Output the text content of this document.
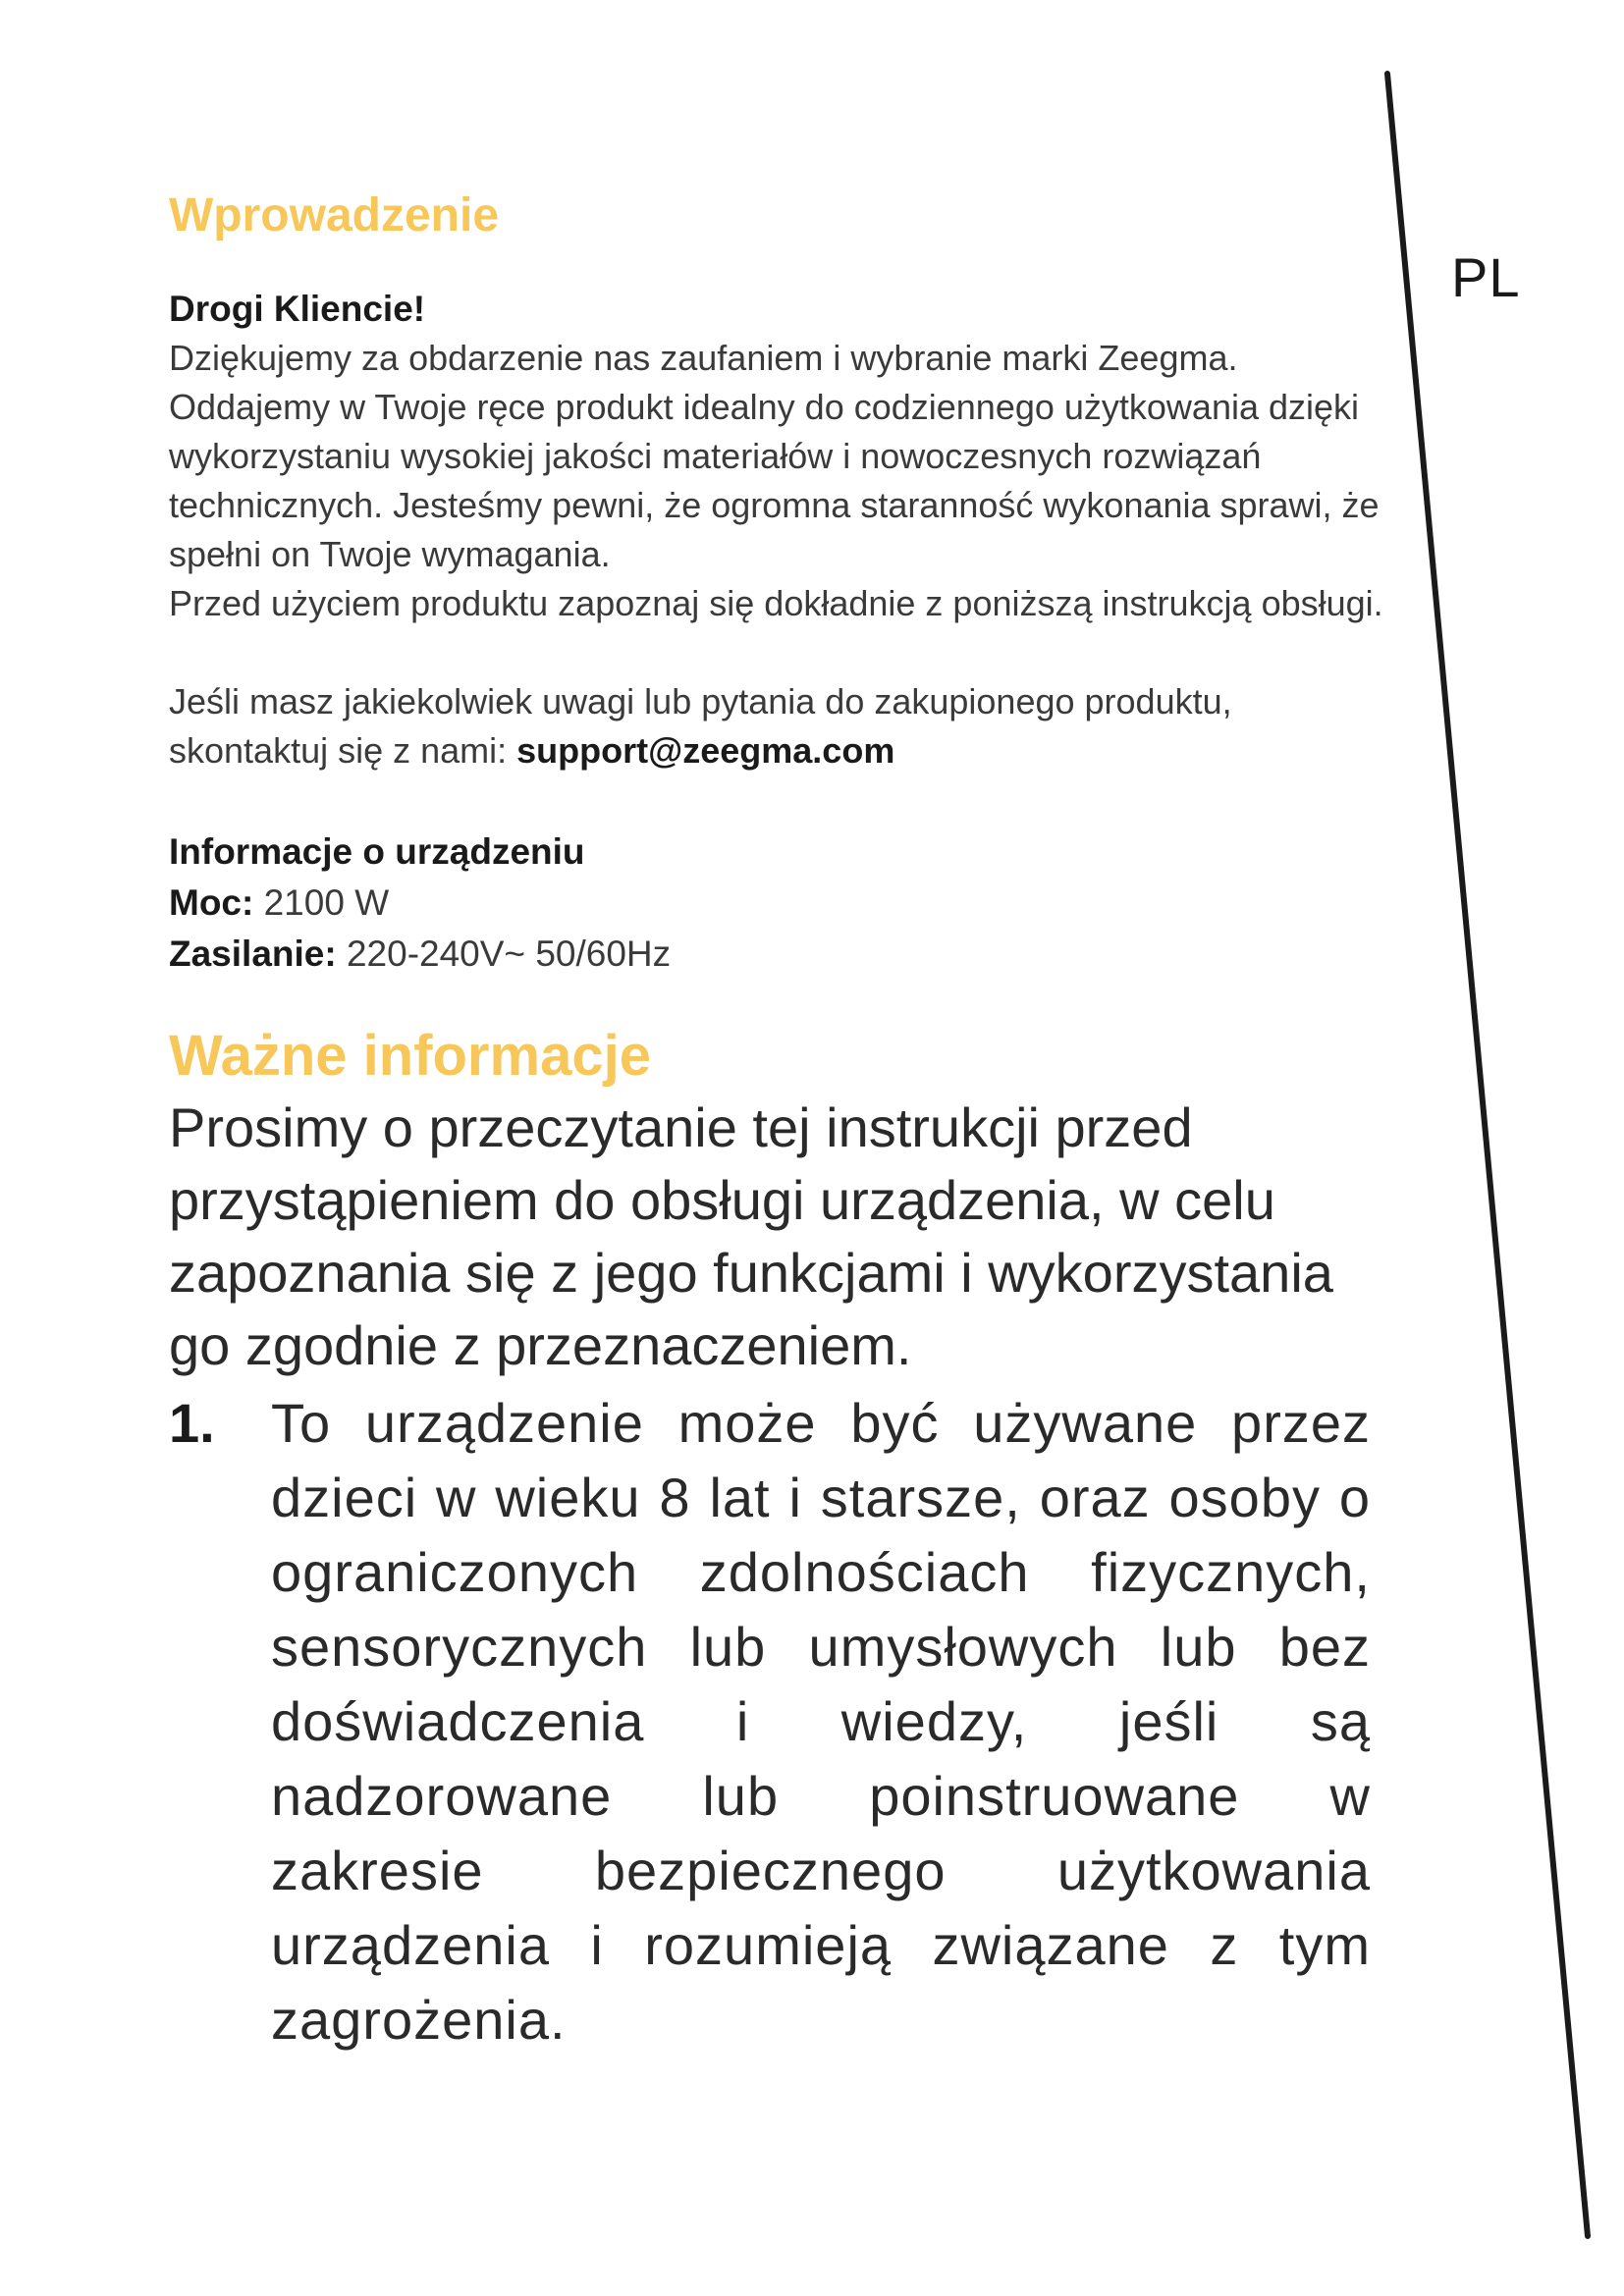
PL
Wprowadzenie

Drogi Kliencie!

Dziękujemy za obdarzenie nas zaufaniem i wybranie marki Zeegma. Oddajemy w Twoje ręce produkt idealny do codziennego użytkowania dzięki wykorzystaniu wysokiej jakości materiałów i nowoczesnych rozwiązań technicznych. Jesteśmy pewni, że ogromna staranność wykonania sprawi, że spełni on Twoje wymagania.

Przed użyciem produktu zapoznaj się dokładnie z poniższą instrukcją obsługi.

Jeśli masz jakiekolwiek uwagi lub pytania do zakupionego produktu, skontaktuj się z nami: support@zeegma.com

Informacje o urządzeniu

Moc: 2100 W

Zasilanie: 220-240V~ 50/60Hz

Ważne informacje

Prosimy o przeczytanie tej instrukcji przed przystąpieniem do obsługi urządzenia, w celu zapoznania się z jego funkcjami i wykorzystania go zgodnie z przeznaczeniem.

1.	To urządzenie może być używane przez dzieci w wieku 8 lat i starsze, oraz osoby o ograniczonych zdolnościach fizycznych, sensorycznych lub umysłowych lub bez doświadczenia i wiedzy, jeśli są nadzorowane lub poinstruowane w zakresie bezpiecznego użytkowania urządzenia i rozumieją związane z tym zagrożenia.
